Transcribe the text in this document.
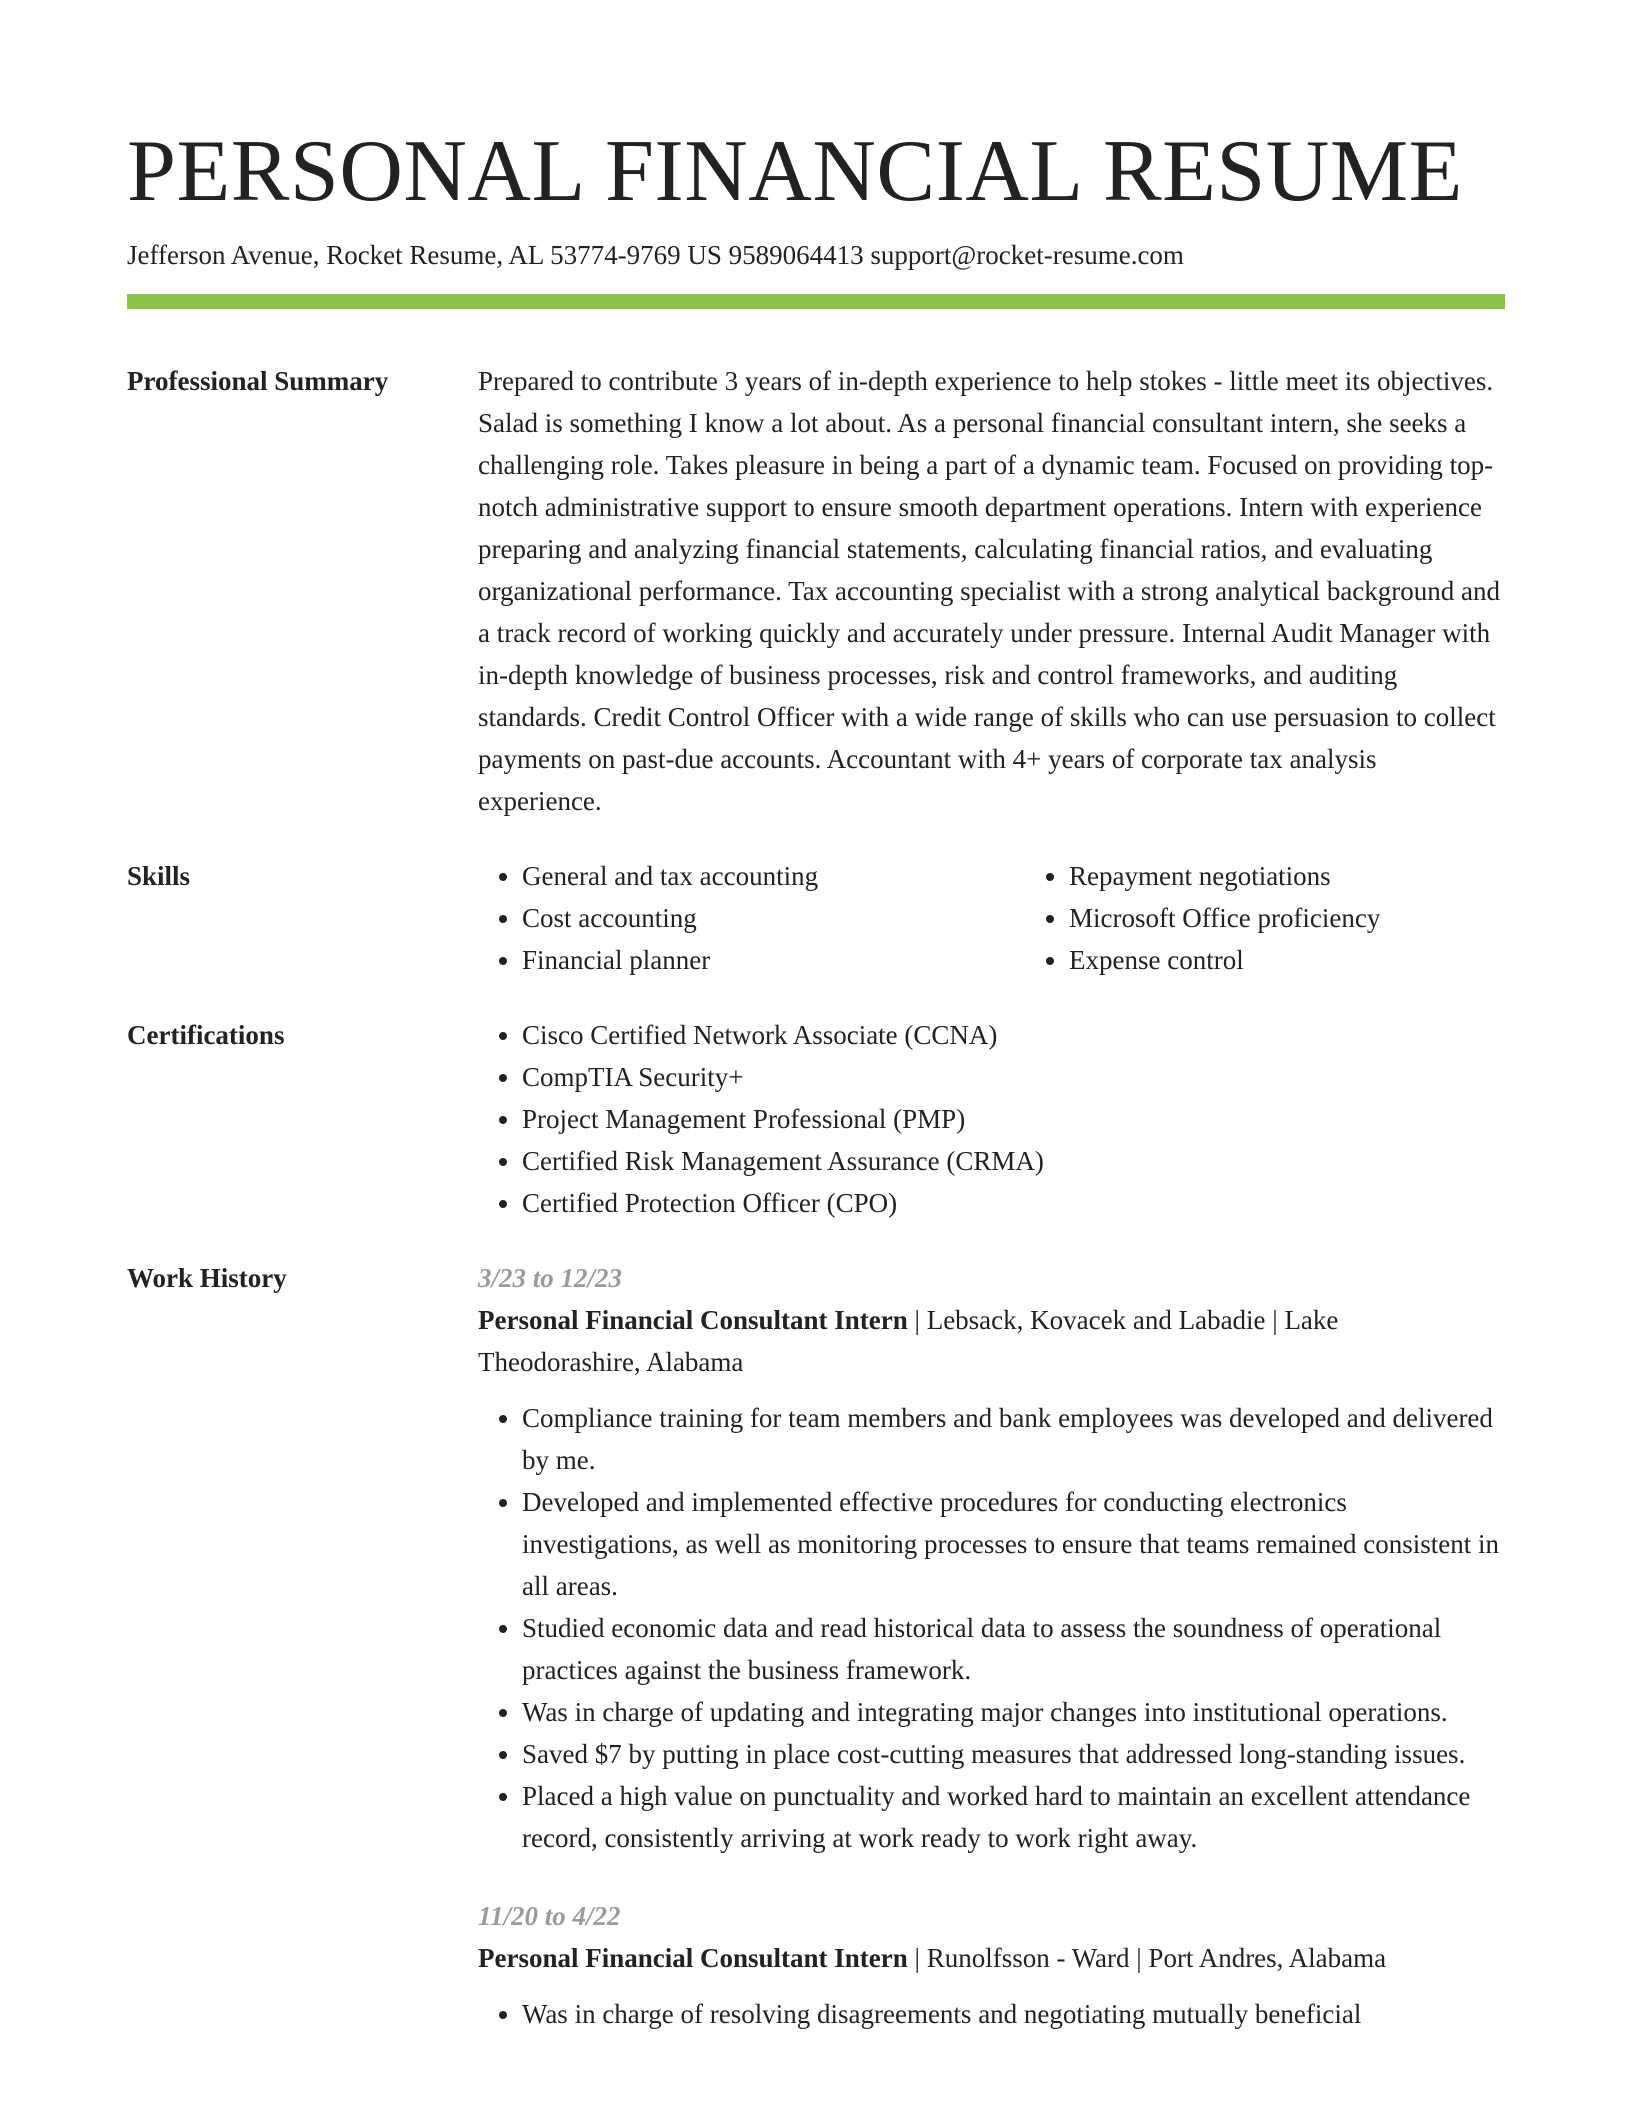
PERSONAL FINANCIAL RESUME
Jefferson Avenue, Rocket Resume, AL 53774-9769 US 9589064413 support@rocket-resume.com
Professional Summary	Prepared to contribute 3 years of in-depth experience to help stokes - little meet its objectives. Salad is something I know a lot about. As a personal financial consultant intern, she seeks a challenging role. Takes pleasure in being a part of a dynamic team. Focused on providing top-notch administrative support to ensure smooth department operations. Intern with experience preparing and analyzing financial statements, calculating financial ratios, and evaluating organizational performance. Tax accounting specialist with a strong analytical background and a track record of working quickly and accurately under pressure. Internal Audit Manager with in-depth knowledge of business processes, risk and control frameworks, and auditing standards. Credit Control Officer with a wide range of skills who can use persuasion to collect payments on past-due accounts. Accountant with 4+ years of corporate tax analysis experience.

Skills	• General and tax accounting
• Cost accounting
• Financial planner
• Repayment negotiations
• Microsoft Office proficiency
• Expense control
Certifications	• Cisco Certified Network Associate (CCNA)
• CompTIA Security+
• Project Management Professional (PMP)
• Certified Risk Management Assurance (CRMA)
• Certified Protection Officer (CPO)
Work History	3/23 to 12/23
Personal Financial Consultant Intern | Lebsack, Kovacek and Labadie | Lake Theodorashire, Alabama
• Compliance training for team members and bank employees was developed and delivered by me.
• Developed and implemented effective procedures for conducting electronics investigations, as well as monitoring processes to ensure that teams remained consistent in all areas.
• Studied economic data and read historical data to assess the soundness of operational practices against the business framework.
• Was in charge of updating and integrating major changes into institutional operations.
• Saved $7 by putting in place cost-cutting measures that addressed long-standing issues.
• Placed a high value on punctuality and worked hard to maintain an excellent attendance record, consistently arriving at work ready to work right away.
11/20 to 4/22
Personal Financial Consultant Intern | Runolfsson - Ward | Port Andres, Alabama
• Was in charge of resolving disagreements and negotiating mutually beneficial
